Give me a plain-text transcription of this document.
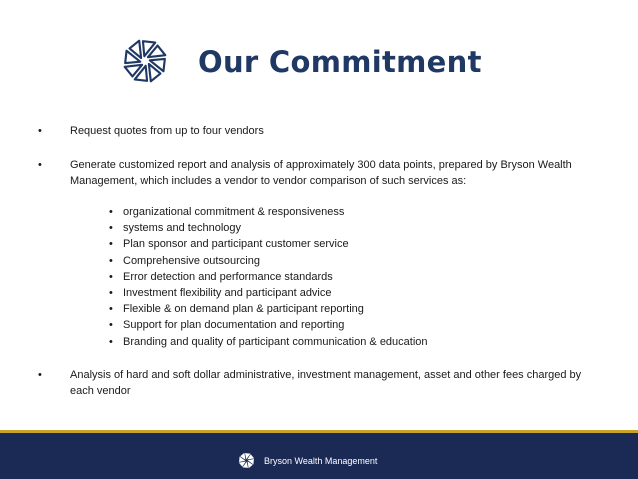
Our Commitment
•	Request quotes from up to four vendors
•	Generate customized report and analysis of approximately 300 data points, prepared by Bryson Wealth Management, which includes a vendor to vendor comparison of such services as:
• organizational commitment & responsiveness
• systems and technology
• Plan sponsor and participant customer service
• Comprehensive outsourcing
• Error detection and performance standards
• Investment flexibility and participant advice
• Flexible & on demand plan & participant reporting
• Support for plan documentation and reporting
• Branding and quality of participant communication & education
•	Analysis of hard and soft dollar administrative, investment management, asset and other fees charged by each vendor
Bryson Wealth Management
